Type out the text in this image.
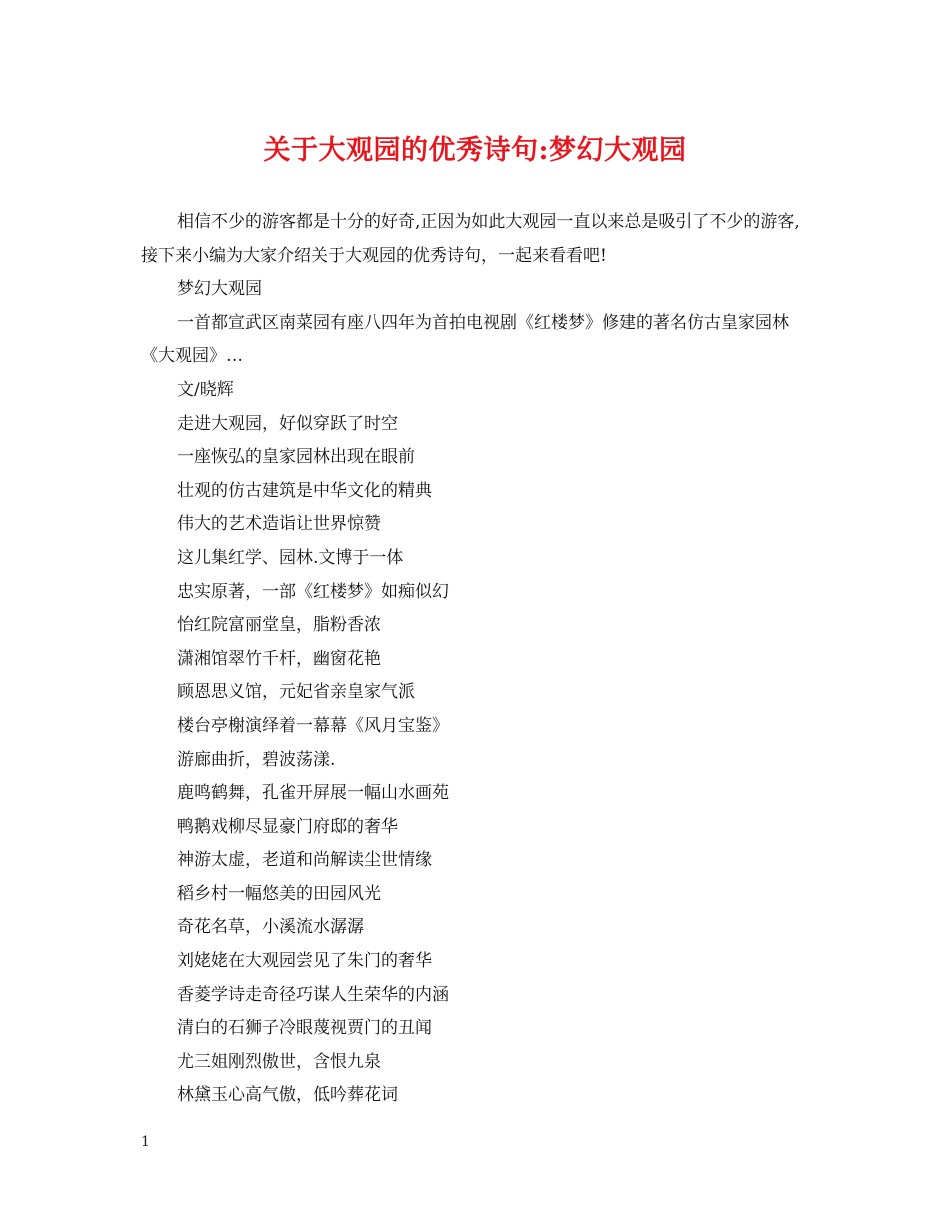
关于大观园的优秀诗句:梦幻大观园

相信不少的游客都是十分的好奇,正因为如此大观园一直以来总是吸引了不少的游客,接下来小编为大家介绍关于大观园的优秀诗句，一起来看看吧!

梦幻大观园

一首都宣武区南菜园有座八四年为首拍电视剧《红楼梦》修建的著名仿古皇家园林《大观园》…

文/晓辉

走进大观园，好似穿跃了时空

一座恢弘的皇家园林出现在眼前

壮观的仿古建筑是中华文化的精典

伟大的艺术造诣让世界惊赞

这儿集红学、园林.文博于一体

忠实原著，一部《红楼梦》如痴似幻

怡红院富丽堂皇，脂粉香浓

潇湘馆翠竹千杆，幽窗花艳

顾恩思义馆，元妃省亲皇家气派

楼台亭榭演绎着一幕幕《风月宝鉴》

游廊曲折，碧波荡漾.

鹿鸣鹤舞，孔雀开屏展一幅山水画苑

鸭鹅戏柳尽显豪门府邸的奢华

神游太虚，老道和尚解读尘世情缘

稻乡村一幅悠美的田园风光

奇花名草，小溪流水潺潺

刘姥姥在大观园尝见了朱门的奢华

香菱学诗走奇径巧谋人生荣华的内涵

清白的石狮子冷眼蔑视贾门的丑闻

尤三姐刚烈傲世，含恨九泉

林黛玉心高气傲，低吟葬花词

1
